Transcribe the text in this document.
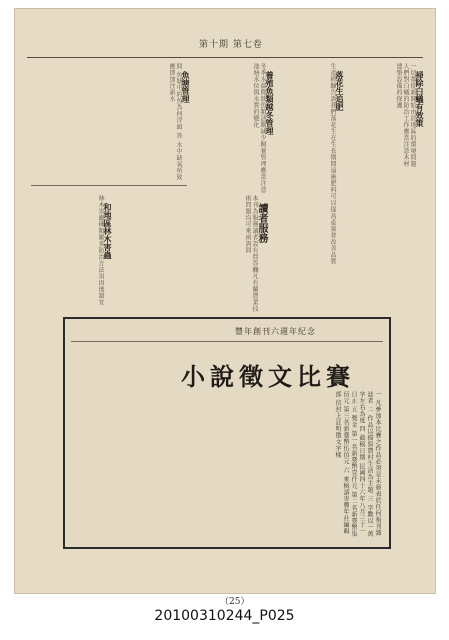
第十期 第七卷
掃除白蟻有效策
一切都從新開始由於地區的環境問題人們對白蟻的防治工作應當注意木材建築設備的保護
落花生追肥
生產經驗告訴我們落花生在生長期間追施肥料可以提高產量並改善品質
養殖魚類越冬管理
冬季水溫降低魚類活動減少飼養管理應當注意池塘水位與水質的變化
魚塘管理
問 魚塘中的魚為何浮頭 答 水中缺氧所致應即加注新水
讀者服務
本刊為服務讀者設有問答欄凡有關農業技術問題均可來函詢問
和地區林木害蟲
林木害蟲種類繁多防治方法須因地制宜
豐年創刊六週年紀念
小說徵文比賽
一 凡參加本比賽之作品必須是未發表於任何報刊雜誌者 二 作品以描寫農村生活為主題 三 字數以一萬字左右為度 四 截稿日期 民國四十六年八月三十一日止 五 獎金 第一名新臺幣壹仟元 第二名新臺幣柒佰元 第三名新臺幣伍佰元 六 來稿請寄豐年社編輯部 信封上註明徵文字樣
（25）
20100310244_P025
